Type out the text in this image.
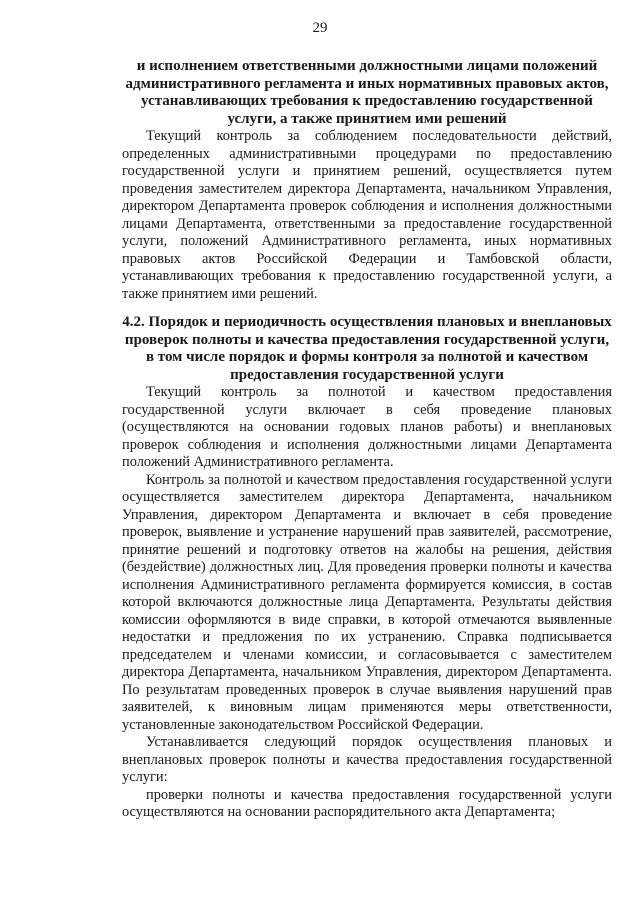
29
и исполнением ответственными должностными лицами положений административного регламента и иных нормативных правовых актов, устанавливающих требования к предоставлению государственной услуги, а также принятием ими решений

Текущий контроль за соблюдением последовательности действий, определенных административными процедурами по предоставлению государственной услуги и принятием решений, осуществляется путем проведения заместителем директора Департамента, начальником Управления, директором Департамента проверок соблюдения и исполнения должностными лицами Департамента, ответственными за предоставление государственной услуги, положений Административного регламента, иных нормативных правовых актов Российской Федерации и Тамбовской области, устанавливающих требования к предоставлению государственной услуги, а также принятием ими решений.

4.2. Порядок и периодичность осуществления плановых и внеплановых проверок полноты и качества предоставления государственной услуги, в том числе порядок и формы контроля за полнотой и качеством предоставления государственной услуги

Текущий контроль за полнотой и качеством предоставления государственной услуги включает в себя проведение плановых (осуществляются на основании годовых планов работы) и внеплановых проверок соблюдения и исполнения должностными лицами Департамента положений Административного регламента.

Контроль за полнотой и качеством предоставления государственной услуги осуществляется заместителем директора Департамента, начальником Управления, директором Департамента и включает в себя проведение проверок, выявление и устранение нарушений прав заявителей, рассмотрение, принятие решений и подготовку ответов на жалобы на решения, действия (бездействие) должностных лиц. Для проведения проверки полноты и качества исполнения Административного регламента формируется комиссия, в состав которой включаются должностные лица Департамента. Результаты действия комиссии оформляются в виде справки, в которой отмечаются выявленные недостатки и предложения по их устранению. Справка подписывается председателем и членами комиссии, и согласовывается с заместителем директора Департамента, начальником Управления, директором Департамента. По результатам проведенных проверок в случае выявления нарушений прав заявителей, к виновным лицам применяются меры ответственности, установленные законодательством Российской Федерации.

Устанавливается следующий порядок осуществления плановых и внеплановых проверок полноты и качества предоставления государственной услуги:

проверки полноты и качества предоставления государственной услуги осуществляются на основании распорядительного акта Департамента;
